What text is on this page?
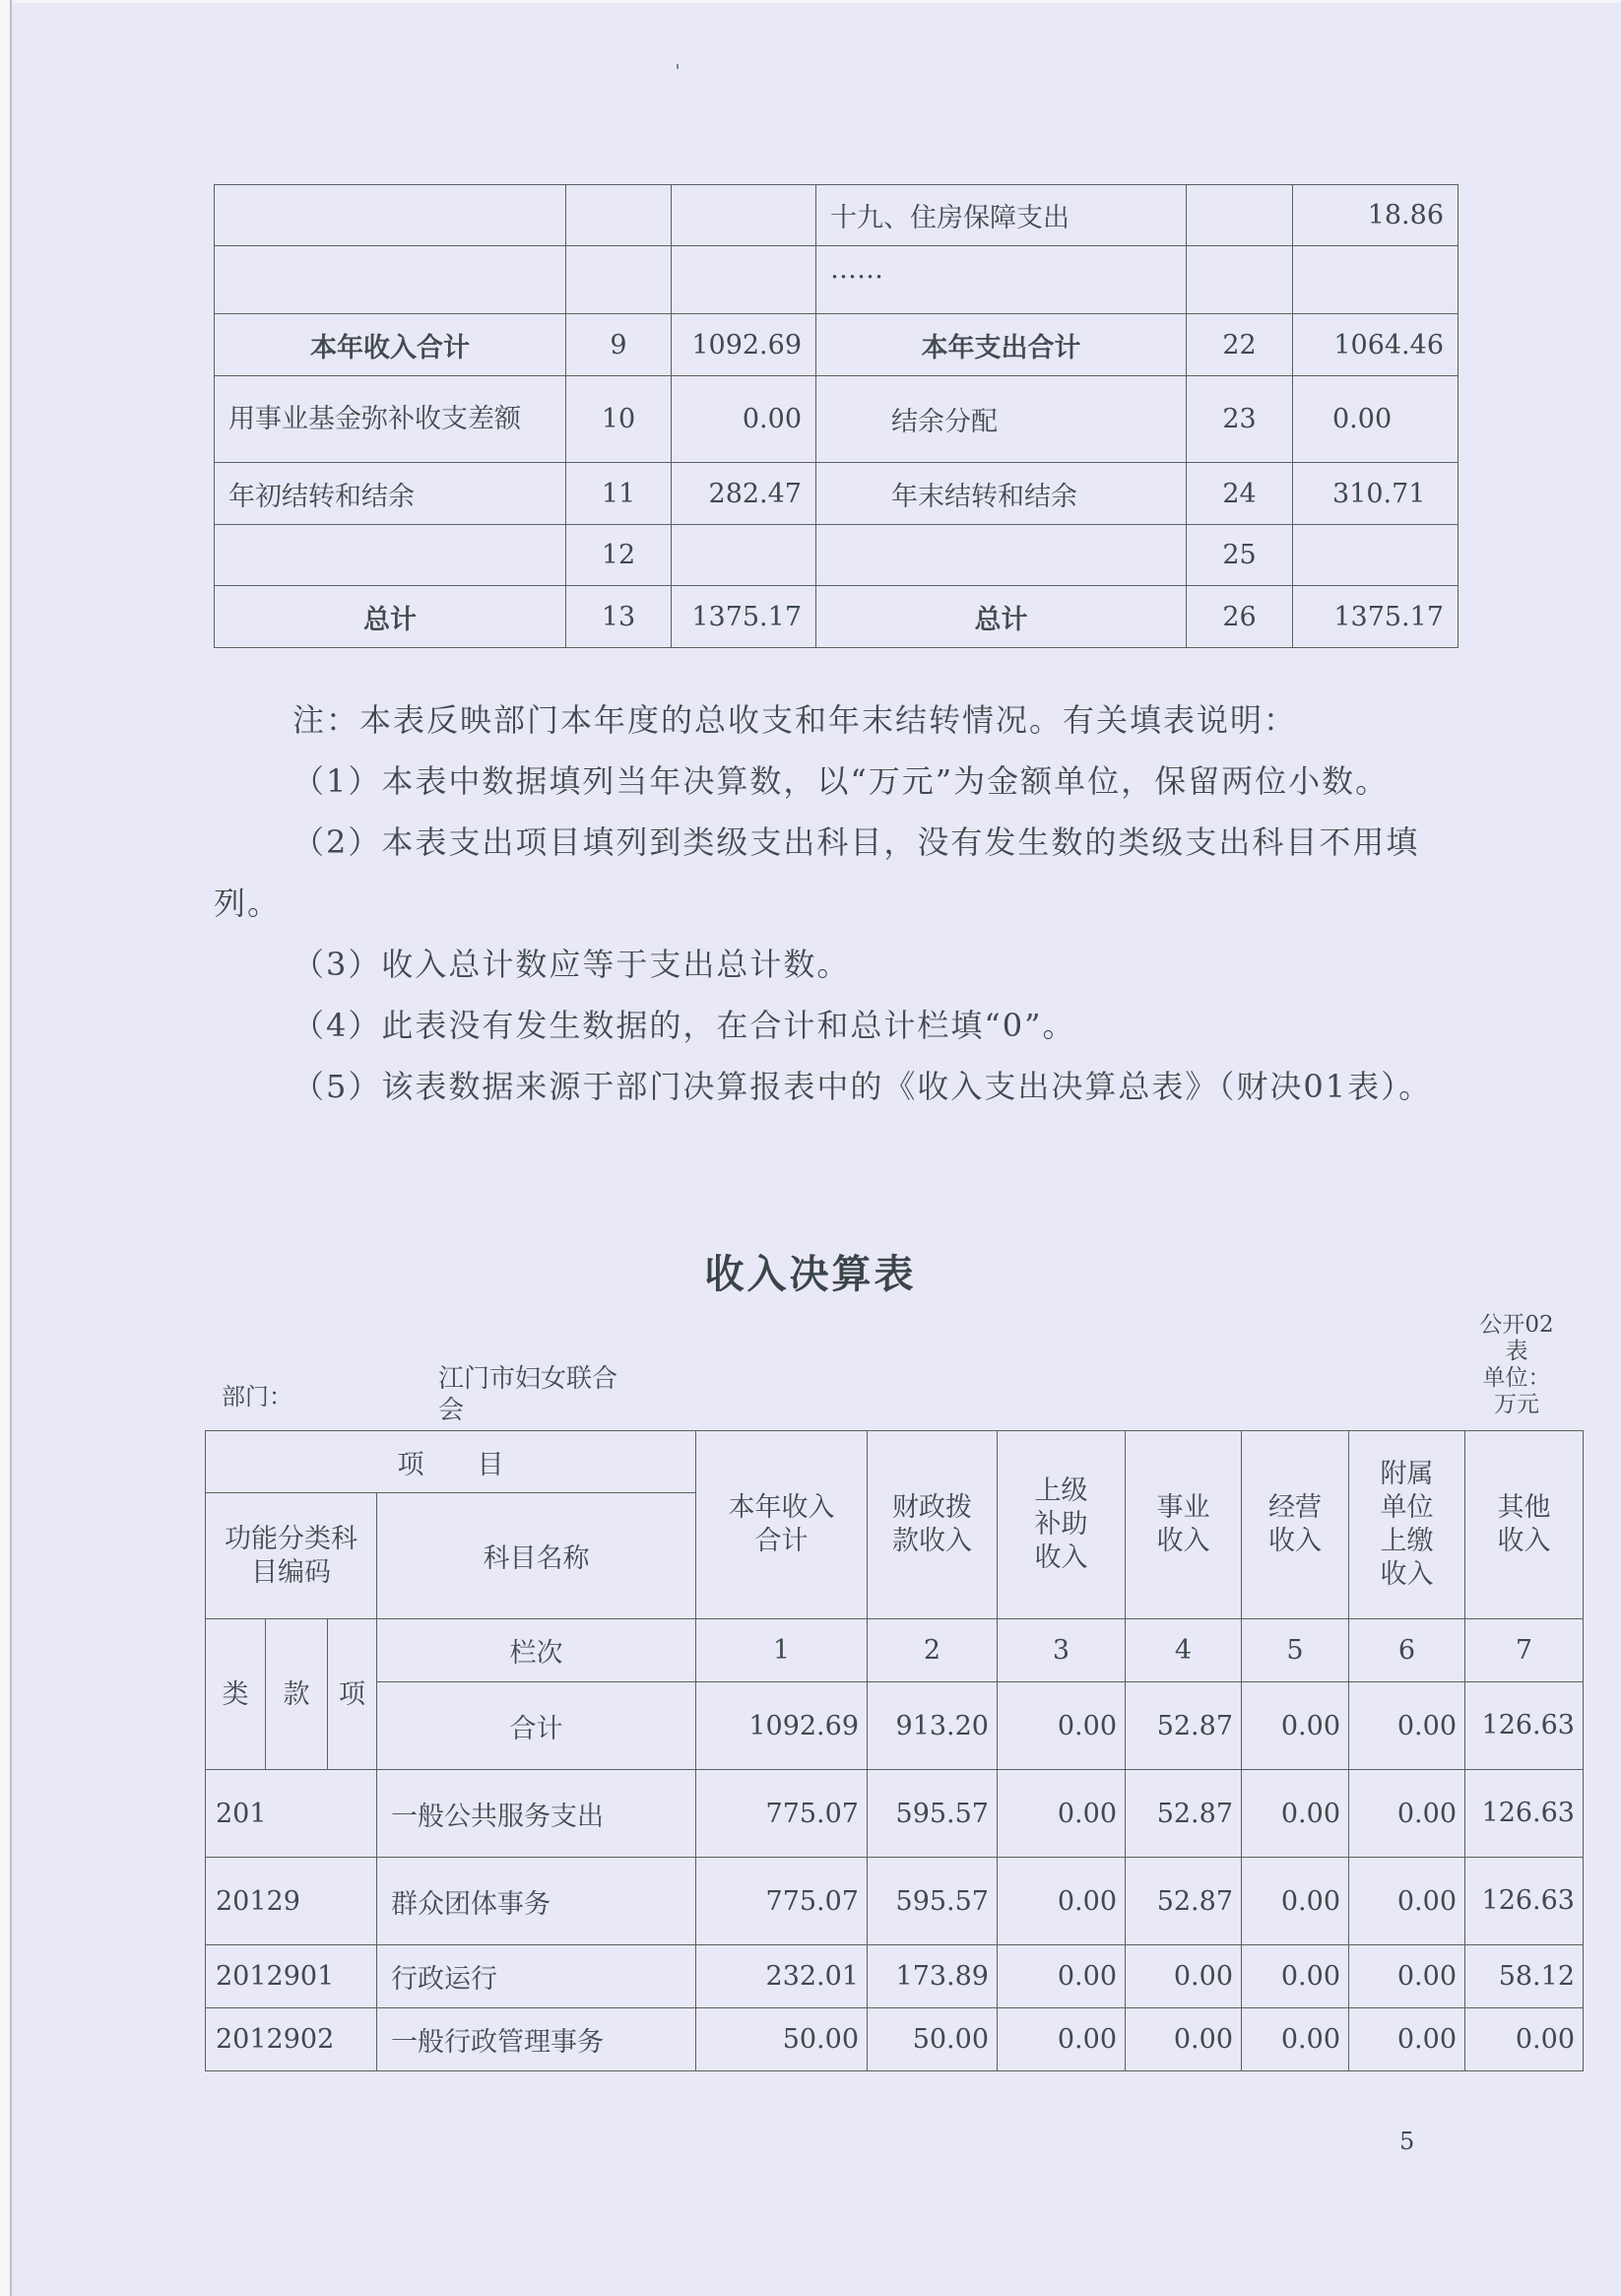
			十九、住房保障支出		18.86
			……		
本年收入合计	9	1092.69	本年支出合计	22	1064.46
用事业基金弥补收支差额	10	0.00	结余分配	23	0.00
年初结转和结余	11	282.47	年末结转和结余	24	310.71
	12			25	
总计	13	1375.17	总计	26	1375.17

注：本表反映部门本年度的总收支和年末结转情况。有关填表说明：

（1）本表中数据填列当年决算数，以“万元”为金额单位，保留两位小数。

（2）本表支出项目填列到类级支出科目，没有发生数的类级支出科目不用填列。

（3）收入总计数应等于支出总计数。

（4）此表没有发生数据的，在合计和总计栏填“0”。

（5）该表数据来源于部门决算报表中的《收入支出决算总表》（财决01表）。

收入决算表
部门：
江门市妇女联合会
公开02表
单位：万元
项　　目				本年收入合计	财政拨款收入	上级补助收入	事业收入	经营收入	附属单位上缴收入	其他收入
功能分类科目编码			科目名称							
类	款	项	栏次	1	2	3	4	5	6	7
			合计	1092.69	913.20	0.00	52.87	0.00	0.00	126.63
201			一般公共服务支出	775.07	595.57	0.00	52.87	0.00	0.00	126.63
20129			群众团体事务	775.07	595.57	0.00	52.87	0.00	0.00	126.63
2012901			行政运行	232.01	173.89	0.00	0.00	0.00	0.00	58.12
2012902			一般行政管理事务	50.00	50.00	0.00	0.00	0.00	0.00	0.00
5
